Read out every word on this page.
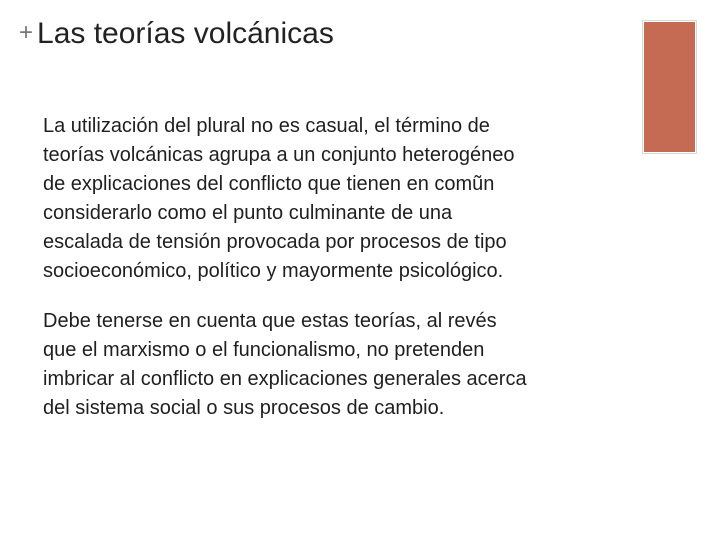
+ Las teorías volcánicas

La utilización del plural no es casual, el término de
teorías volcánicas agrupa a un conjunto heterogéneo
de explicaciones del conflicto que tienen en comũn
considerarlo como el punto culminante de una
escalada de tensión provocada por procesos de tipo
socioeconómico, político y mayormente psicológico.

Debe tenerse en cuenta que estas teorías, al revés
que el marxismo o el funcionalismo, no pretenden
imbricar al conflicto en explicaciones generales acerca
del sistema social o sus procesos de cambio.
